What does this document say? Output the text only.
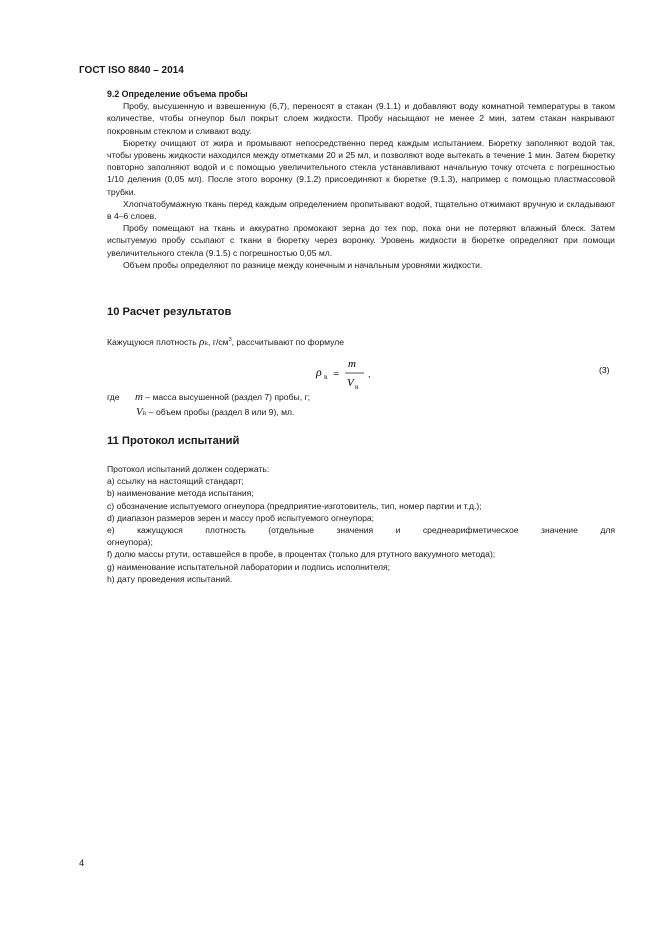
ГОСТ ISO 8840 – 2014

9.2 Определение объема пробы

Пробу, высушенную и взвешенную (6,7), переносят в стакан (9.1.1) и добавляют воду комнатной температуры в таком количестве, чтобы огнеупор был покрыт слоем жидкости. Пробу насыщают не менее 2 мин, затем стакан накрывают покровным стеклом и сливают воду.

Бюретку очищают от жира и промывают непосредственно перед каждым испытанием. Бюретку заполняют водой так, чтобы уровень жидкости находился между отметками 20 и 25 мл, и позволяют воде вытекать в течение 1 мин. Затем бюретку повторно заполняют водой и с помощью увеличительного стекла устанавливают начальную точку отсчета с погрешностью 1/10 деления (0,05 мл). После этого воронку (9.1.2) присоединяют к бюретке (9.1.3), например с помощью пластмассовой трубки.

Хлопчатобумажную ткань перед каждым определением пропитывают водой, тщательно отжимают вручную и складывают в 4–6 слоев.

Пробу помещают на ткань и аккуратно промокают зерна до тех пор, пока они не потеряют влажный блеск. Затем испытуемую пробу ссыпают с ткани в бюретку через воронку. Уровень жидкости в бюретке определяют при помощи увеличительного стекла (9.1.5) с погрешностью 0,05 мл.

Объем пробы определяют по разнице между конечным и начальным уровнями жидкости.

10 Расчет результатов
Кажущуюся плотность ρR, $г/см^3$, рассчитывают по формуле
ρ R =
m
V R
,	(3)
где m – масса высушенной (раздел 7) пробы, г;
VR – объем пробы (раздел 8 или 9), мл.
11 Протокол испытаний
Протокол испытаний должен содержать:
а) ссылку на настоящий стандарт;
b) наименование метода испытания;
c) обозначение испытуемого огнеупора (предприятие-изготовитель, тип, номер партии и т.д.);
d) диапазон размеров зерен и массу проб испытуемого огнеупора;
e) кажущуюся плотность (отдельные значения и среднеарифметическое значение для
огнеупора);
f) долю массы ртути, оставшейся в пробе, в процентах (только для ртутного вакуумного метода);
g) наименование испытательной лаборатории и подпись исполнителя;
h) дату проведения испытаний.
4
